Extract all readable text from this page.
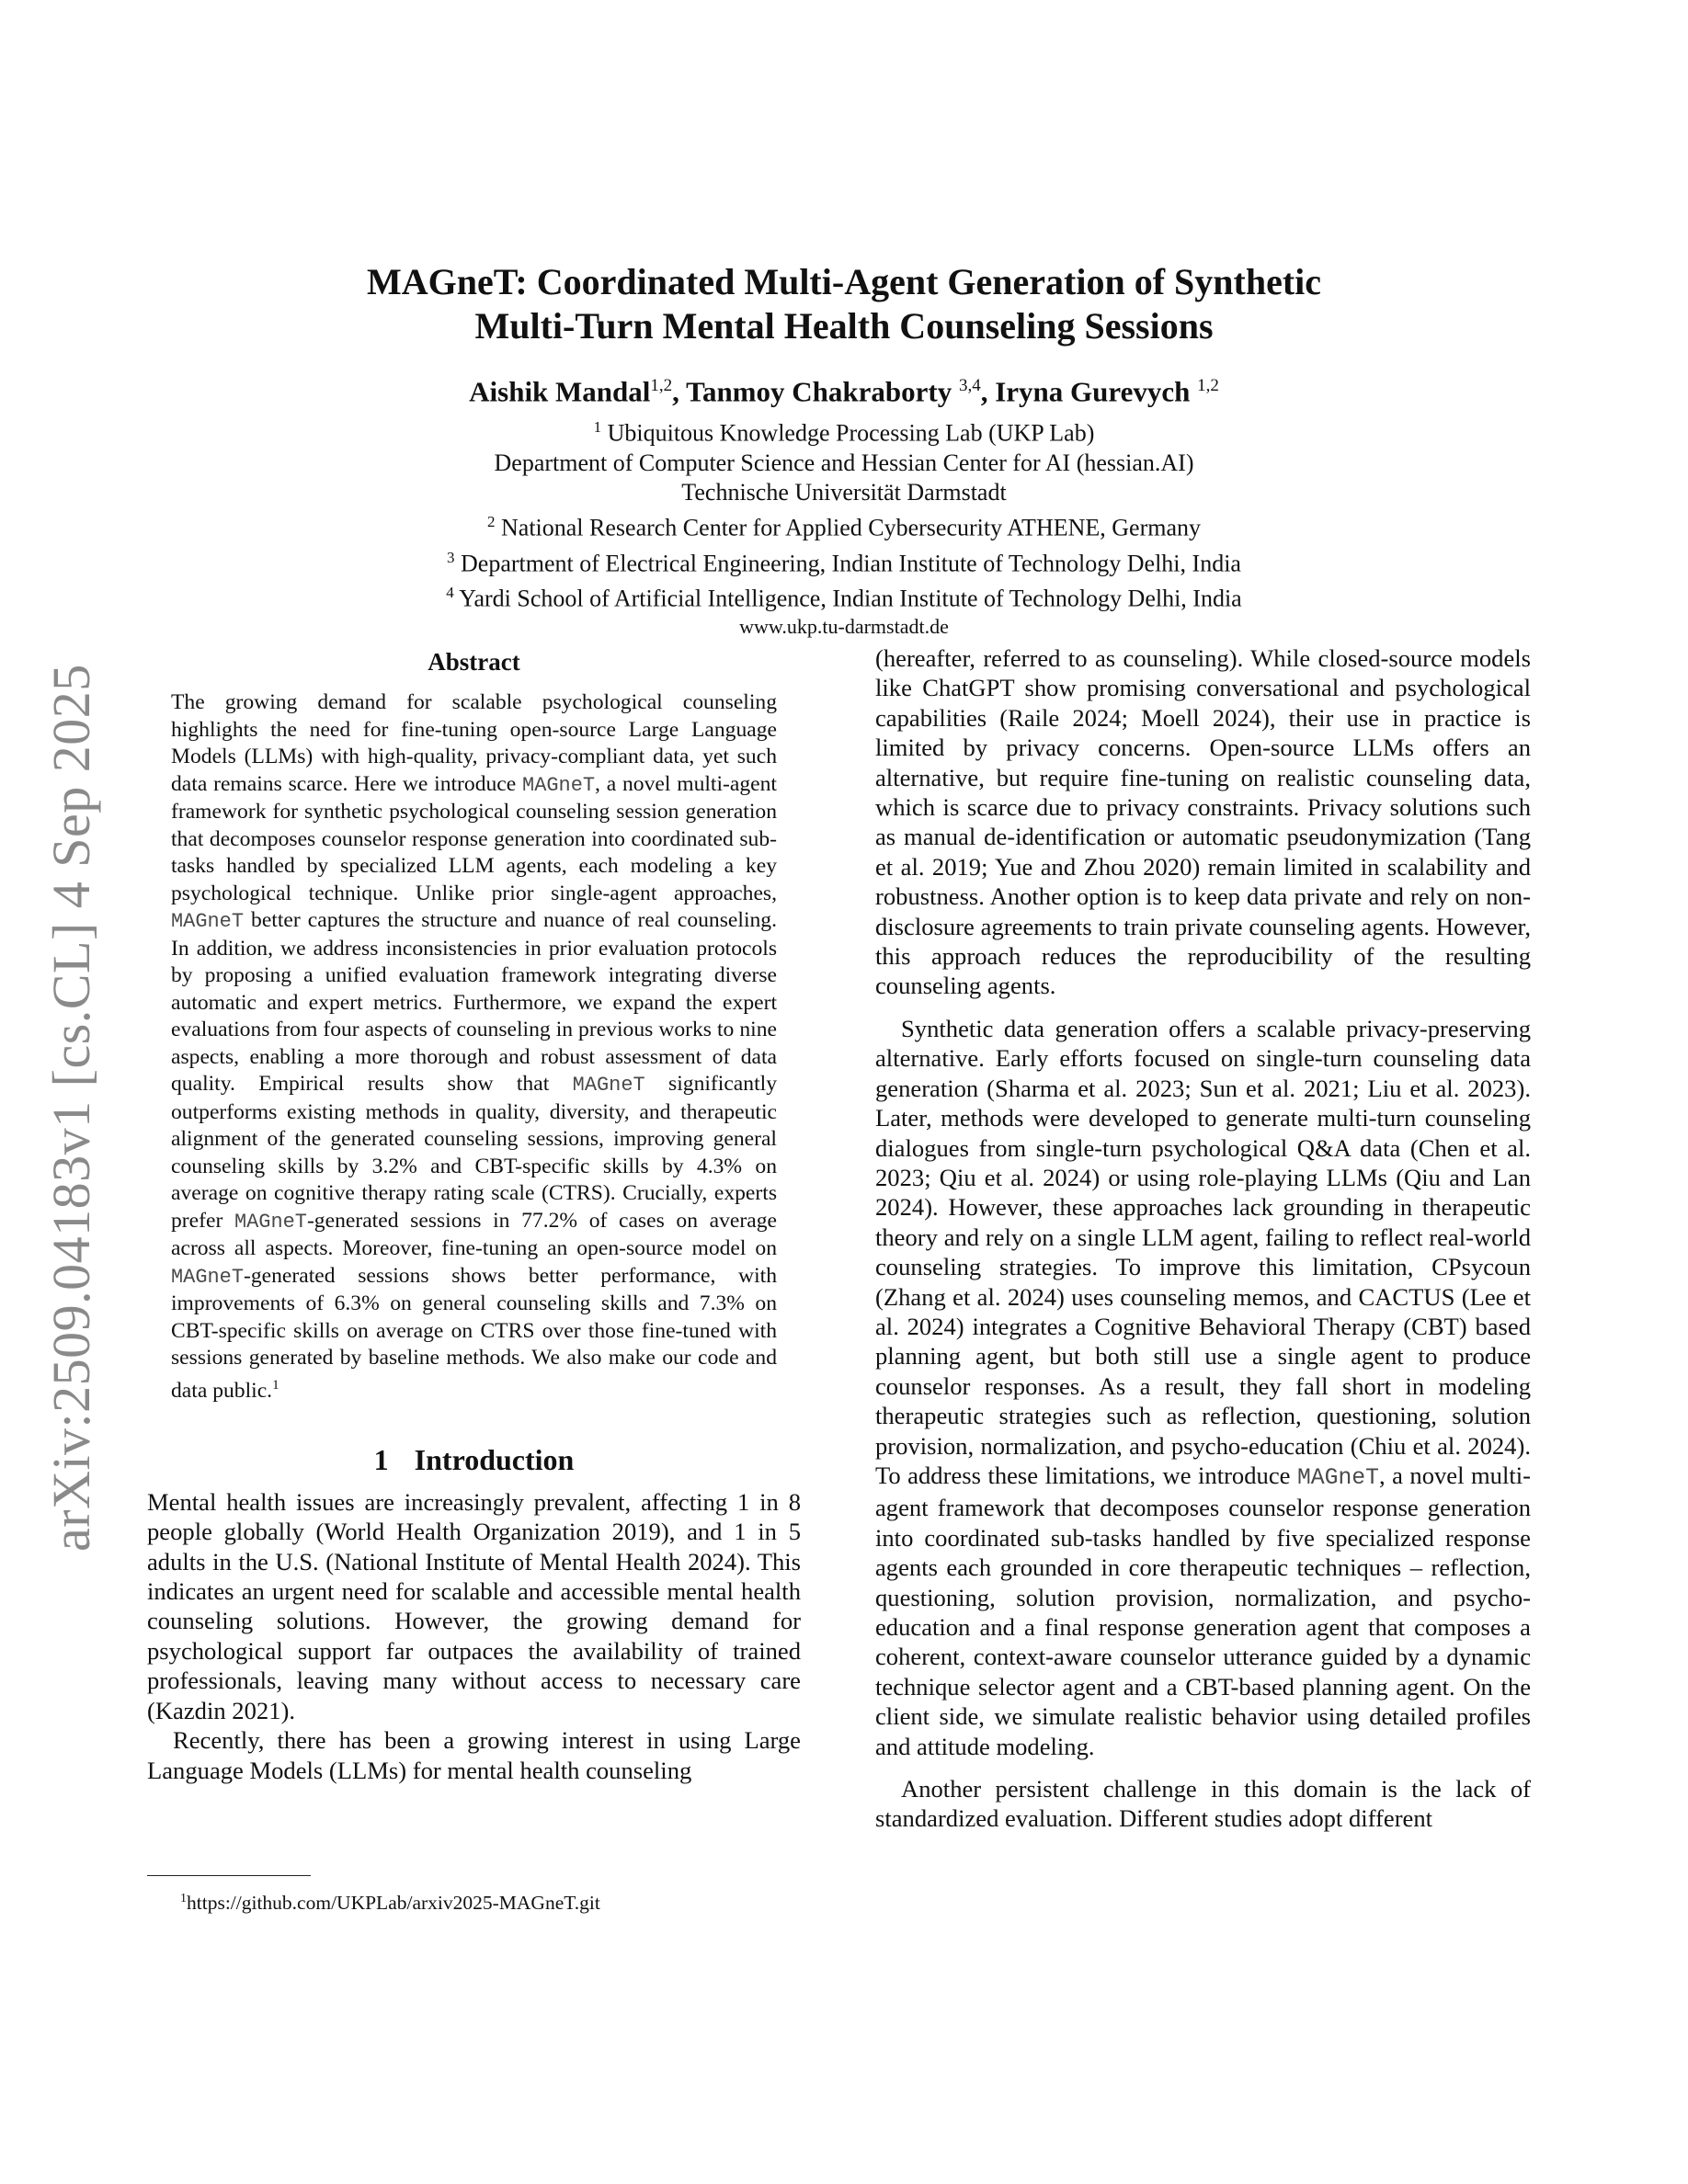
arXiv:2509.04183v1 [cs.CL] 4 Sep 2025
MAGneT: Coordinated Multi-Agent Generation of Synthetic
Multi-Turn Mental Health Counseling Sessions
Aishik Mandal$^{1,2}$, Tanmoy Chakraborty $^{3,4}$, Iryna Gurevych $^{1,2}$
$^1$ Ubiquitous Knowledge Processing Lab (UKP Lab)
Department of Computer Science and Hessian Center for AI (hessian.AI)
Technische Universität Darmstadt
$^2$ National Research Center for Applied Cybersecurity ATHENE, Germany
$^3$ Department of Electrical Engineering, Indian Institute of Technology Delhi, India
$^4$ Yardi School of Artificial Intelligence, Indian Institute of Technology Delhi, India
www.ukp.tu-darmstadt.de
Abstract

The growing demand for scalable psychological counseling highlights the need for fine-tuning open-source Large Language Models (LLMs) with high-quality, privacy-compliant data, yet such data remains scarce. Here we introduce MAGneT, a novel multi-agent framework for synthetic psychological counseling session generation that decomposes counselor response generation into coordinated sub-tasks handled by specialized LLM agents, each modeling a key psychological technique. Unlike prior single-agent approaches, MAGneT better captures the structure and nuance of real counseling. In addition, we address inconsistencies in prior evaluation protocols by proposing a unified evaluation framework integrating diverse automatic and expert metrics. Furthermore, we expand the expert evaluations from four aspects of counseling in previous works to nine aspects, enabling a more thorough and robust assessment of data quality. Empirical results show that MAGneT significantly outperforms existing methods in quality, diversity, and therapeutic alignment of the generated counseling sessions, improving general counseling skills by 3.2% and CBT-specific skills by 4.3% on average on cognitive therapy rating scale (CTRS). Crucially, experts prefer MAGneT-generated sessions in 77.2% of cases on average across all aspects. Moreover, fine-tuning an open-source model on MAGneT-generated sessions shows better performance, with improvements of 6.3% on general counseling skills and 7.3% on CBT-specific skills on average on CTRS over those fine-tuned with sessions generated by baseline methods. We also make our code and data public.$^1$

1 Introduction

Mental health issues are increasingly prevalent, affecting 1 in 8 people globally (World Health Organization 2019), and 1 in 5 adults in the U.S. (National Institute of Mental Health 2024). This indicates an urgent need for scalable and accessible mental health counseling solutions. However, the growing demand for psychological support far outpaces the availability of trained professionals, leaving many without access to necessary care (Kazdin 2021).

Recently, there has been a growing interest in using Large Language Models (LLMs) for mental health counseling

(hereafter, referred to as counseling). While closed-source models like ChatGPT show promising conversational and psychological capabilities (Raile 2024; Moell 2024), their use in practice is limited by privacy concerns. Open-source LLMs offers an alternative, but require fine-tuning on realistic counseling data, which is scarce due to privacy constraints. Privacy solutions such as manual de-identification or automatic pseudonymization (Tang et al. 2019; Yue and Zhou 2020) remain limited in scalability and robustness. Another option is to keep data private and rely on non-disclosure agreements to train private counseling agents. However, this approach reduces the reproducibility of the resulting counseling agents.

Synthetic data generation offers a scalable privacy-preserving alternative. Early efforts focused on single-turn counseling data generation (Sharma et al. 2023; Sun et al. 2021; Liu et al. 2023). Later, methods were developed to generate multi-turn counseling dialogues from single-turn psychological Q&A data (Chen et al. 2023; Qiu et al. 2024) or using role-playing LLMs (Qiu and Lan 2024). However, these approaches lack grounding in therapeutic theory and rely on a single LLM agent, failing to reflect real-world counseling strategies. To improve this limitation, CPsycoun (Zhang et al. 2024) uses counseling memos, and CACTUS (Lee et al. 2024) integrates a Cognitive Behavioral Therapy (CBT) based planning agent, but both still use a single agent to produce counselor responses. As a result, they fall short in modeling therapeutic strategies such as reflection, questioning, solution provision, normalization, and psycho-education (Chiu et al. 2024). To address these limitations, we introduce MAGneT, a novel multi-agent framework that decomposes counselor response generation into coordinated sub-tasks handled by five specialized response agents each grounded in core therapeutic techniques – reflection, questioning, solution provision, normalization, and psycho-education and a final response generation agent that composes a coherent, context-aware counselor utterance guided by a dynamic technique selector agent and a CBT-based planning agent. On the client side, we simulate realistic behavior using detailed profiles and attitude modeling.

Another persistent challenge in this domain is the lack of standardized evaluation. Different studies adopt different

$^1$https://github.com/UKPLab/arxiv2025-MAGneT.git
